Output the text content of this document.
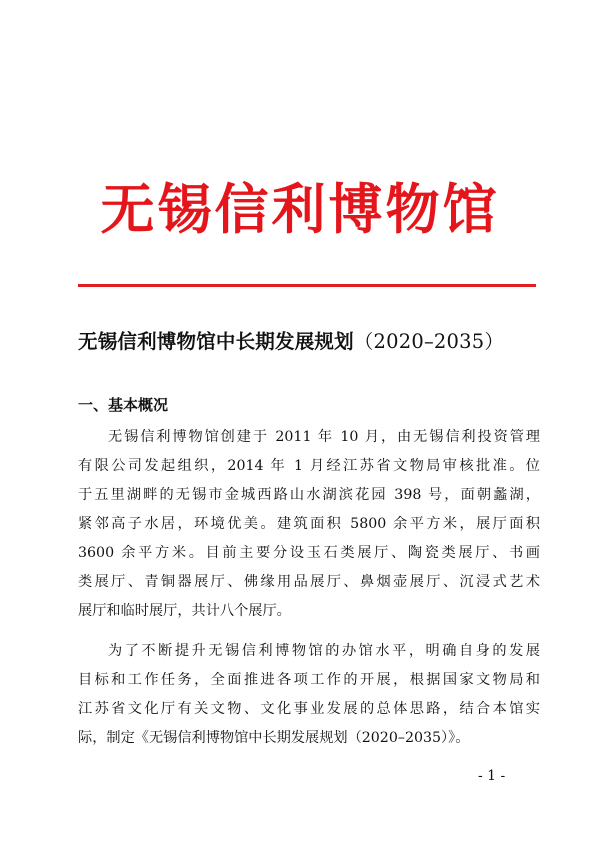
无锡信利博物馆
无锡信利博物馆中长期发展规划（2020–2035）
一、基本概况
无锡信利博物馆创建于 2011 年 10 月，由无锡信利投资管理
有限公司发起组织，2014 年 1 月经江苏省文物局审核批准。位
于五里湖畔的无锡市金城西路山水湖滨花园 398 号，面朝蠡湖，
紧邻高子水居，环境优美。建筑面积 5800 余平方米，展厅面积
3600 余平方米。目前主要分设玉石类展厅、陶瓷类展厅、书画
类展厅、青铜器展厅、佛缘用品展厅、鼻烟壶展厅、沉浸式艺术
展厅和临时展厅，共计八个展厅。
为了不断提升无锡信利博物馆的办馆水平，明确自身的发展
目标和工作任务，全面推进各项工作的开展，根据国家文物局和
江苏省文化厅有关文物、文化事业发展的总体思路，结合本馆实
际，制定《无锡信利博物馆中长期发展规划（2020–2035）》。
- 1 -
